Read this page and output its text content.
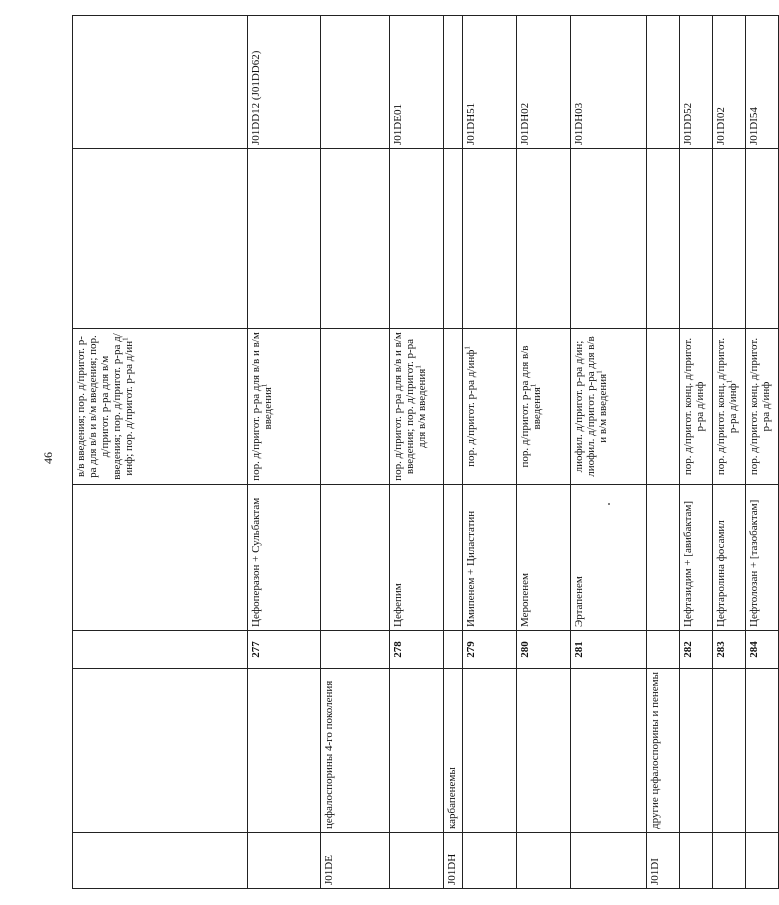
46
				в/в введения; пор. д/пригот. р-ра для в/в и в/м введения; пор. д/пригот. р-ра для в/м введения; пор. д/пригот. р-ра д/инф; пор. д/пригот. р-ра $д/ин^1$		
		277	Цефоперазон + Сульбактам	пор. д/пригот. р-ра для в/в и в/м введения$^1$		J01DD12 (J01DD62)
J01DE	цефалоспорины 4-го поколения					
		278	Цефепим	пор. д/пригот. р-ра для в/в и в/м введения; пор. д/пригот. р-ра для в/м введения$^1$		J01DE01
J01DH	карбапенемы					
		279	Имипенем + Циластатин	пор. д/пригот. р-ра д/инф$^1$		J01DH51
		280	Меропенем	пор. д/пригот. р-ра для в/в введения$^1$		J01DH02
		281	Эртапенем	лиофил. д/пригот. р-ра д/ин; лиофил. д/пригот. р-ра для в/в и в/м введения$^1$		J01DH03
J01DI	другие цефалоспорины и пенемы					
		282	Цефтазидим + [авибактам]	пор. д/пригот. конц. д/пригот. р-ра д/инф		J01DD52
		283	Цефтаролина фосамил	пор. д/пригот. конц. д/пригот. р-ра д/инф$^1$		J01DI02
		284	Цефтолозан + [тазобактам]	пор. д/пригот. конц. д/пригот. р-ра д/инф		J01DI54
